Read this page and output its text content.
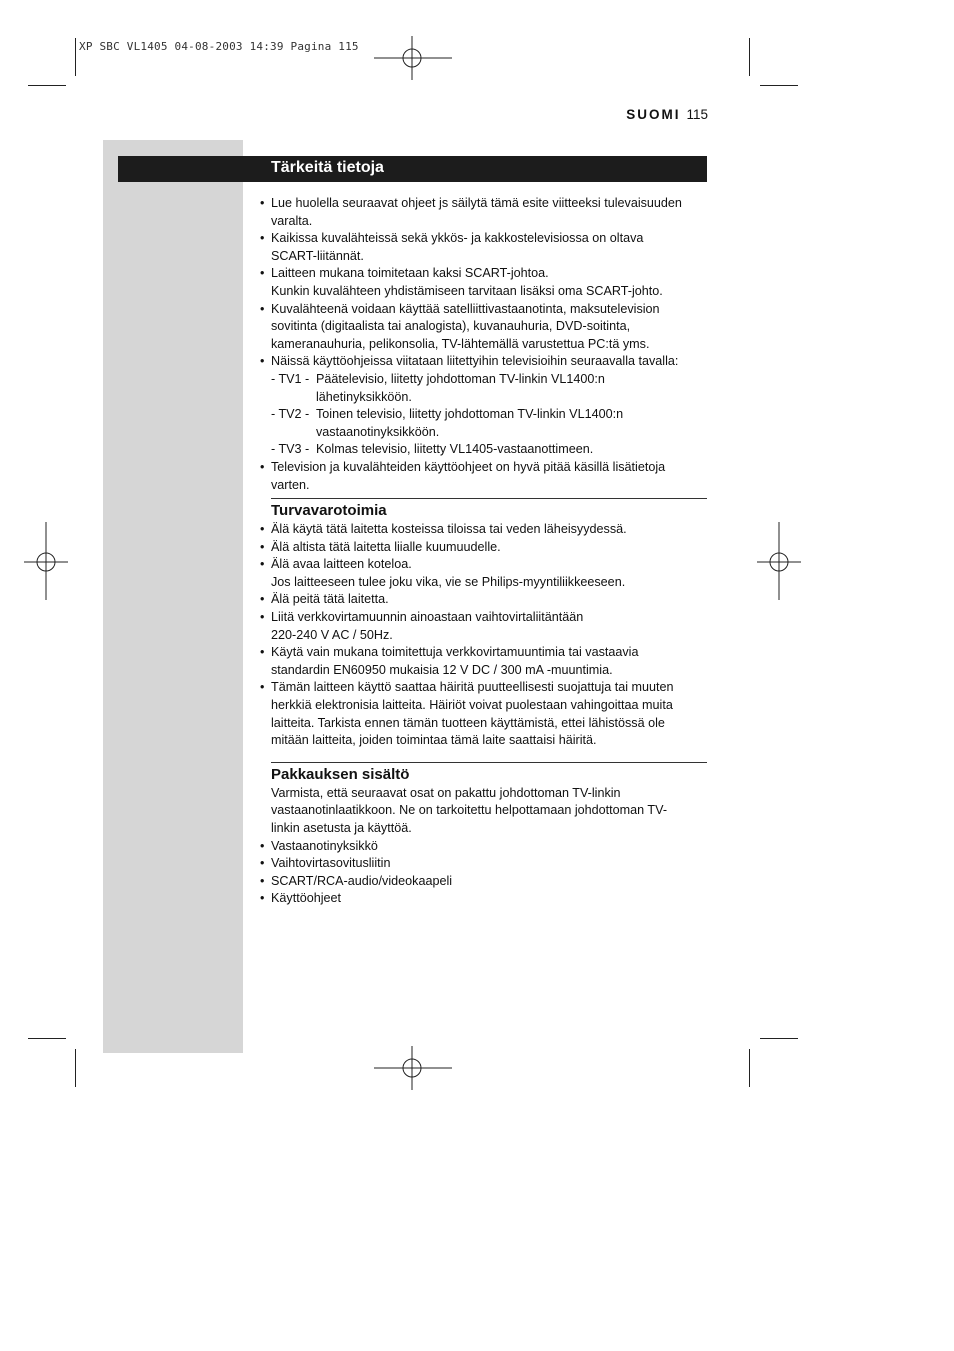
XP SBC VL1405 04-08-2003 14:39 Pagina 115
SUOMI 115
Tärkeitä tietoja
• Lue huolella seuraavat ohjeet js säilytä tämä esite viitteeksi tulevaisuuden
varalta.
• Kaikissa kuvalähteissä sekä ykkös- ja kakkostelevisiossa on oltava
SCART-liitännät.
• Laitteen mukana toimitetaan kaksi SCART-johtoa.
Kunkin kuvalähteen yhdistämiseen tarvitaan lisäksi oma SCART-johto.
• Kuvalähteenä voidaan käyttää satelliittivastaanotinta, maksutelevision
sovitinta (digitaalista tai analogista), kuvanauhuria, DVD-soitinta,
kameranauhuria, pelikonsolia, TV-lähtemällä varustettua PC:tä yms.
• Näissä käyttöohjeissa viitataan liitettyihin televisioihin seuraavalla tavalla:
- TV1 - Päätelevisio, liitetty johdottoman TV-linkin VL1400:n
lähetinyksikköön.
- TV2 - Toinen televisio, liitetty johdottoman TV-linkin VL1400:n
vastaanotinyksikköön.
- TV3 - Kolmas televisio, liitetty VL1405-vastaanottimeen.
• Television ja kuvalähteiden käyttöohjeet on hyvä pitää käsillä lisätietoja
varten.
Turvavarotoimia
• Älä käytä tätä laitetta kosteissa tiloissa tai veden läheisyydessä.
• Älä altista tätä laitetta liialle kuumuudelle.
• Älä avaa laitteen koteloa.
Jos laitteeseen tulee joku vika, vie se Philips-myyntiliikkeeseen.
• Älä peitä tätä laitetta.
• Liitä verkkovirtamuunnin ainoastaan vaihtovirtaliitäntään
220-240 V AC / 50Hz.
• Käytä vain mukana toimitettuja verkkovirtamuuntimia tai vastaavia
standardin EN60950 mukaisia 12 V DC / 300 mA -muuntimia.
• Tämän laitteen käyttö saattaa häiritä puutteellisesti suojattuja tai muuten
herkkiä elektronisia laitteita. Häiriöt voivat puolestaan vahingoittaa muita
laitteita. Tarkista ennen tämän tuotteen käyttämistä, ettei lähistössä ole
mitään laitteita, joiden toimintaa tämä laite saattaisi häiritä.
Pakkauksen sisältö
Varmista, että seuraavat osat on pakattu johdottoman TV-linkin
vastaanotinlaatikkoon. Ne on tarkoitettu helpottamaan johdottoman TV-
linkin asetusta ja käyttöä.
• Vastaanotinyksikkö
• Vaihtovirtasovitusliitin
• SCART/RCA-audio/videokaapeli
• Käyttöohjeet
